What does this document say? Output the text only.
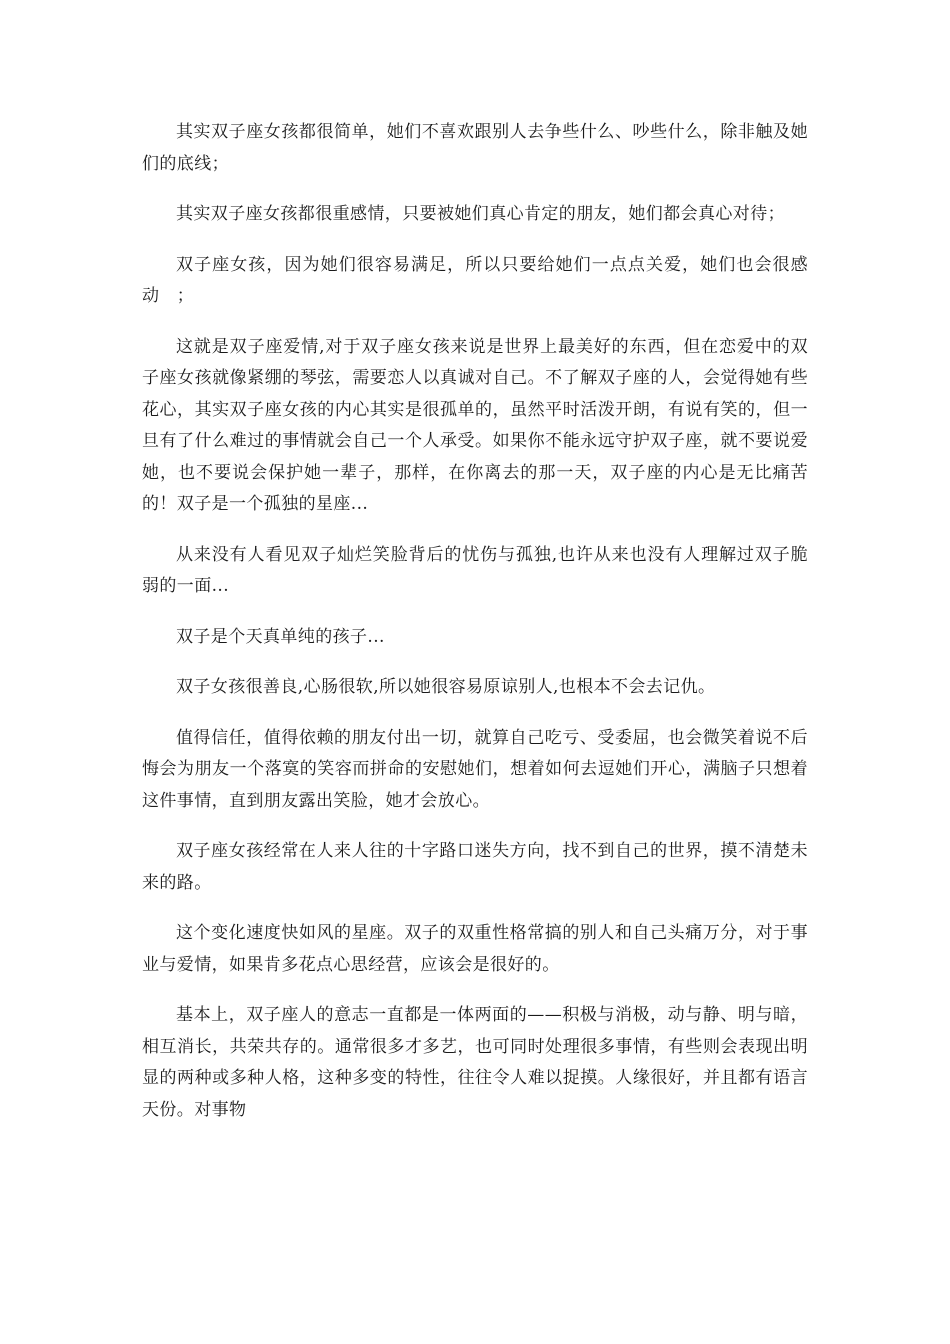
其实双子座女孩都很简单，她们不喜欢跟别人去争些什么、吵些什么，除非触及她们的底线；

其实双子座女孩都很重感情，只要被她们真心肯定的朋友，她们都会真心对待；

双子座女孩，因为她们很容易满足，所以只要给她们一点点关爱，她们也会很感动　；

这就是双子座爱情,对于双子座女孩来说是世界上最美好的东西，但在恋爱中的双子座女孩就像紧绷的琴弦，需要恋人以真诚对自己。不了解双子座的人，会觉得她有些花心，其实双子座女孩的内心其实是很孤单的，虽然平时活泼开朗，有说有笑的，但一旦有了什么难过的事情就会自己一个人承受。如果你不能永远守护双子座，就不要说爱她，也不要说会保护她一辈子，那样，在你离去的那一天，双子座的内心是无比痛苦的！双子是一个孤独的星座...

从来没有人看见双子灿烂笑脸背后的忧伤与孤独,也许从来也没有人理解过双子脆弱的一面...

双子是个天真单纯的孩子...

双子女孩很善良,心肠很软,所以她很容易原谅别人,也根本不会去记仇。

值得信任，值得依赖的朋友付出一切，就算自己吃亏、受委屈，也会微笑着说不后悔会为朋友一个落寞的笑容而拼命的安慰她们，想着如何去逗她们开心，满脑子只想着这件事情，直到朋友露出笑脸，她才会放心。

双子座女孩经常在人来人往的十字路口迷失方向，找不到自己的世界，摸不清楚未来的路。

这个变化速度快如风的星座。双子的双重性格常搞的别人和自己头痛万分，对于事业与爱情，如果肯多花点心思经营，应该会是很好的。

基本上，双子座人的意志一直都是一体两面的——积极与消极，动与静、明与暗，相互消长，共荣共存的。通常很多才多艺，也可同时处理很多事情，有些则会表现出明显的两种或多种人格，这种多变的特性，往往令人难以捉摸。人缘很好，并且都有语言天份。对事物
